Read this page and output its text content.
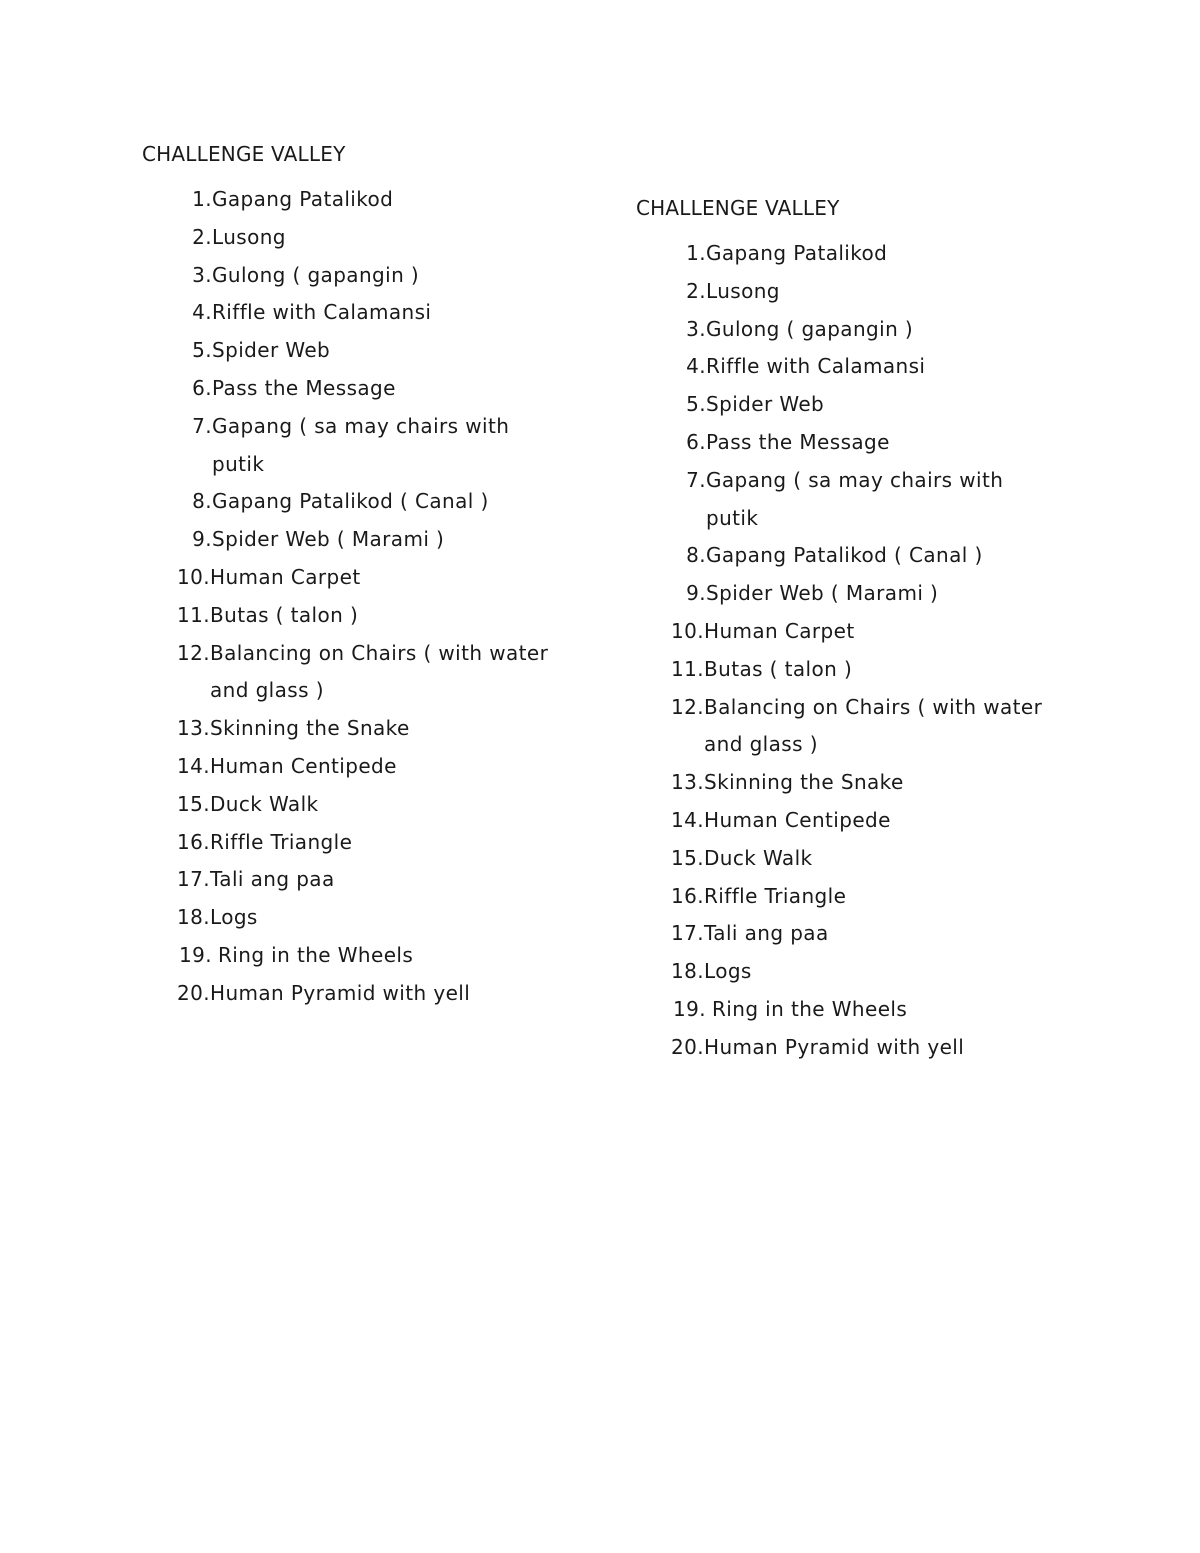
CHALLENGE VALLEY
1. Gapang Patalikod
2. Lusong
3. Gulong ( gapangin )
4. Riffle with Calamansi
5. Spider Web
6. Pass the Message
7. Gapang ( sa may chairs with putik
8. Gapang Patalikod ( Canal )
9. Spider Web ( Marami )
10. Human Carpet
11. Butas ( talon )
12. Balancing on Chairs ( with water and glass )
13. Skinning the Snake
14. Human Centipede
15. Duck Walk
16. Riffle Triangle
17. Tali ang paa
18. Logs
19. Ring in the Wheels
20. Human Pyramid with yell
CHALLENGE VALLEY
1. Gapang Patalikod
2. Lusong
3. Gulong ( gapangin )
4. Riffle with Calamansi
5. Spider Web
6. Pass the Message
7. Gapang ( sa may chairs with putik
8. Gapang Patalikod ( Canal )
9. Spider Web ( Marami )
10. Human Carpet
11. Butas ( talon )
12. Balancing on Chairs ( with water and glass )
13. Skinning the Snake
14. Human Centipede
15. Duck Walk
16. Riffle Triangle
17. Tali ang paa
18. Logs
19. Ring in the Wheels
20. Human Pyramid with yell
